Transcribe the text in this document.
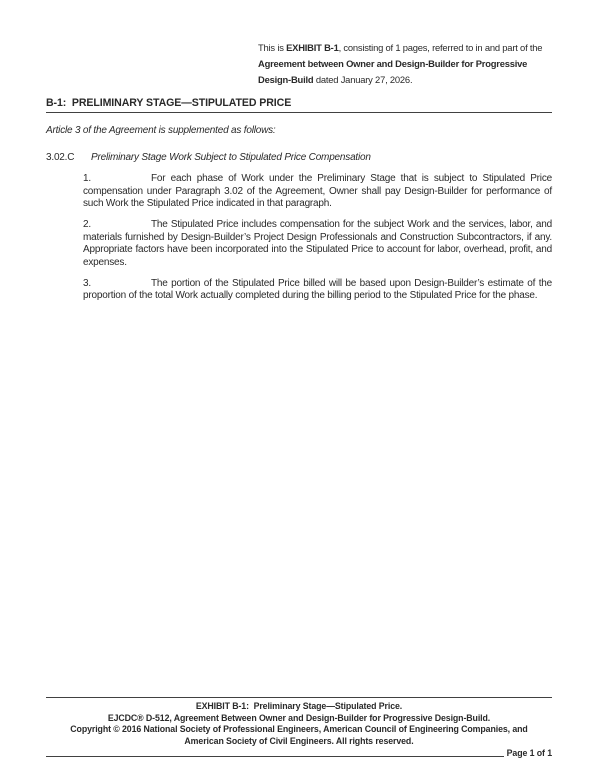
This is EXHIBIT B-1, consisting of 1 pages, referred to in and part of the Agreement between Owner and Design-Builder for Progressive Design-Build dated January 27, 2026.

B-1:  PRELIMINARY STAGE—STIPULATED PRICE

Article 3 of the Agreement is supplemented as follows:

3.02.C Preliminary Stage Work Subject to Stipulated Price Compensation

1.	For each phase of Work under the Preliminary Stage that is subject to Stipulated Price compensation under Paragraph 3.02 of the Agreement, Owner shall pay Design-Builder for performance of such Work the Stipulated Price indicated in that paragraph.

2.	The Stipulated Price includes compensation for the subject Work and the services, labor, and materials furnished by Design-Builder’s Project Design Professionals and Construction Subcontractors, if any. Appropriate factors have been incorporated into the Stipulated Price to account for labor, overhead, profit, and expenses.

3.	The portion of the Stipulated Price billed will be based upon Design-Builder’s estimate of the proportion of the total Work actually completed during the billing period to the Stipulated Price for the phase.

EXHIBIT B-1:  Preliminary Stage—Stipulated Price.
EJCDC® D-512, Agreement Between Owner and Design-Builder for Progressive Design-Build.
Copyright © 2016 National Society of Professional Engineers, American Council of Engineering Companies, and
American Society of Civil Engineers. All rights reserved.
Page 1 of 1
